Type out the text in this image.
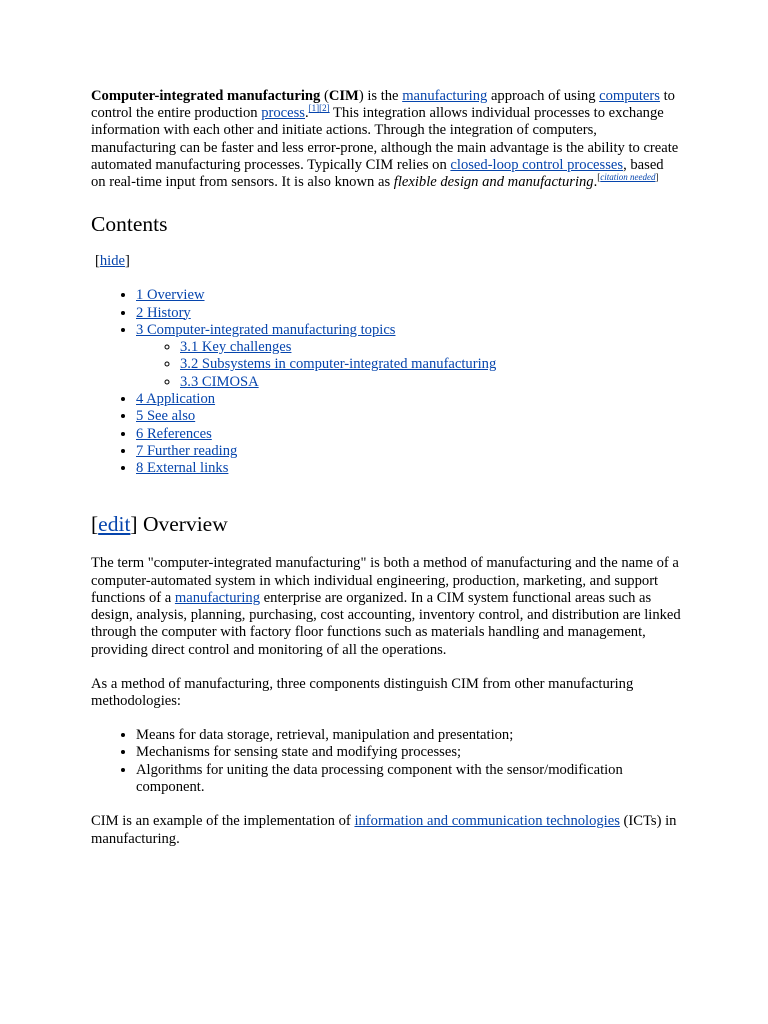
Computer-integrated manufacturing (CIM) is the manufacturing approach of using computers to control the entire production process.[1][2] This integration allows individual processes to exchange information with each other and initiate actions. Through the integration of computers, manufacturing can be faster and less error-prone, although the main advantage is the ability to create automated manufacturing processes. Typically CIM relies on closed-loop control processes, based on real-time input from sensors. It is also known as flexible design and manufacturing.[citation needed]

Contents
[hide]
• 1 Overview
• 2 History
• 3 Computer-integrated manufacturing topics
◦ 3.1 Key challenges
◦ 3.2 Subsystems in computer-integrated manufacturing
◦ 3.3 CIMOSA
• 4 Application
• 5 See also
• 6 References
• 7 Further reading
• 8 External links
[edit] Overview

The term "computer-integrated manufacturing" is both a method of manufacturing and the name of a computer-automated system in which individual engineering, production, marketing, and support functions of a manufacturing enterprise are organized. In a CIM system functional areas such as design, analysis, planning, purchasing, cost accounting, inventory control, and distribution are linked through the computer with factory floor functions such as materials handling and management, providing direct control and monitoring of all the operations.

As a method of manufacturing, three components distinguish CIM from other manufacturing methodologies:

• Means for data storage, retrieval, manipulation and presentation;
• Mechanisms for sensing state and modifying processes;
• Algorithms for uniting the data processing component with the sensor/modification component.

CIM is an example of the implementation of information and communication technologies (ICTs) in manufacturing.
